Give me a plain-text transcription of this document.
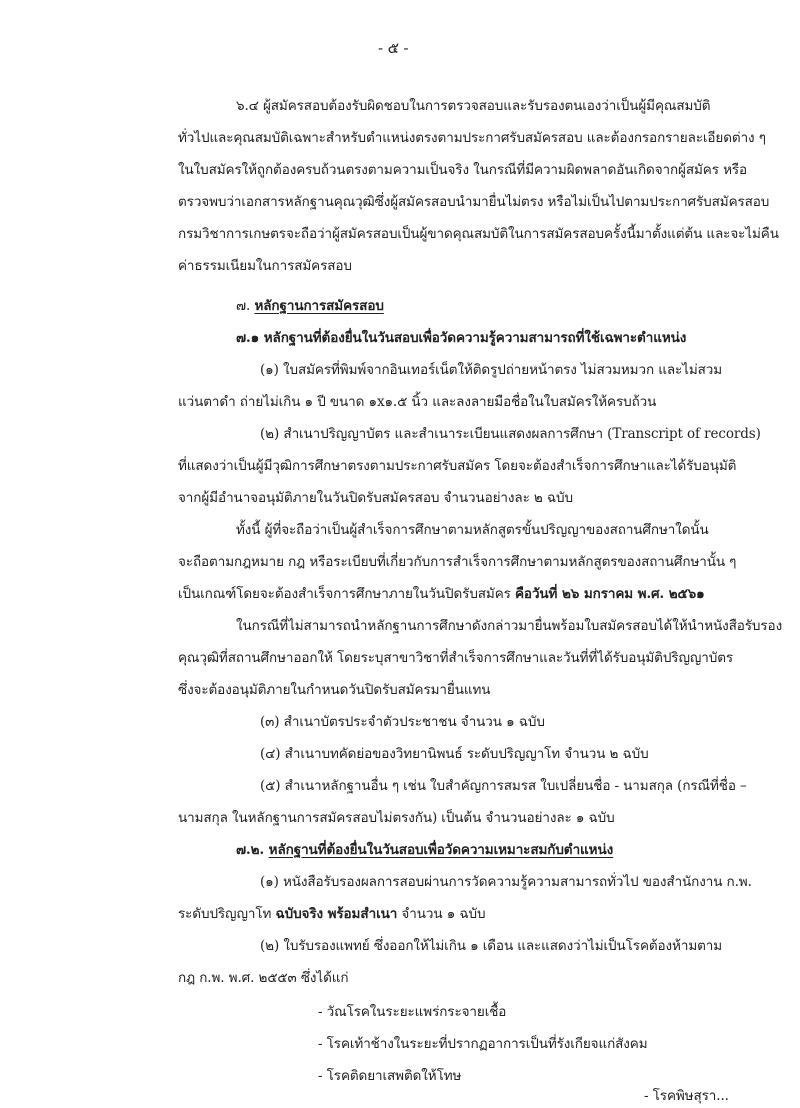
- ๕ -
๖.๔ ผู้สมัครสอบต้องรับผิดชอบในการตรวจสอบและรับรองตนเองว่าเป็นผู้มีคุณสมบัติ
ทั่วไปและคุณสมบัติเฉพาะสำหรับตำแหน่งตรงตามประกาศรับสมัครสอบ และต้องกรอกรายละเอียดต่าง ๆ
ในใบสมัครให้ถูกต้องครบถ้วนตรงตามความเป็นจริง ในกรณีที่มีความผิดพลาดอันเกิดจากผู้สมัคร หรือ
ตรวจพบว่าเอกสารหลักฐานคุณวุฒิซึ่งผู้สมัครสอบนำมายื่นไม่ตรง หรือไม่เป็นไปตามประกาศรับสมัครสอบ
กรมวิชาการเกษตรจะถือว่าผู้สมัครสอบเป็นผู้ขาดคุณสมบัติในการสมัครสอบครั้งนี้มาตั้งแต่ต้น และจะไม่คืน
ค่าธรรมเนียมในการสมัครสอบ
๗. หลักฐานการสมัครสอบ
๗.๑ หลักฐานที่ต้องยื่นในวันสอบเพื่อวัดความรู้ความสามารถที่ใช้เฉพาะตำแหน่ง
(๑) ใบสมัครที่พิมพ์จากอินเทอร์เน็ตให้ติดรูปถ่ายหน้าตรง ไม่สวมหมวก และไม่สวม
แว่นตาดำ ถ่ายไม่เกิน ๑ ปี ขนาด ๑x๑.๕ นิ้ว และลงลายมือชื่อในใบสมัครให้ครบถ้วน
(๒) สำเนาปริญญาบัตร และสำเนาระเบียนแสดงผลการศึกษา (Transcript of records)
ที่แสดงว่าเป็นผู้มีวุฒิการศึกษาตรงตามประกาศรับสมัคร โดยจะต้องสำเร็จการศึกษาและได้รับอนุมัติ
จากผู้มีอำนาจอนุมัติภายในวันปิดรับสมัครสอบ จำนวนอย่างละ ๒ ฉบับ
ทั้งนี้ ผู้ที่จะถือว่าเป็นผู้สำเร็จการศึกษาตามหลักสูตรขั้นปริญญาของสถานศึกษาใดนั้น
จะถือตามกฎหมาย กฎ หรือระเบียบที่เกี่ยวกับการสำเร็จการศึกษาตามหลักสูตรของสถานศึกษานั้น ๆ
เป็นเกณฑ์โดยจะต้องสำเร็จการศึกษาภายในวันปิดรับสมัคร คือวันที่ ๒๖ มกราคม พ.ศ. ๒๕๖๑
ในกรณีที่ไม่สามารถนำหลักฐานการศึกษาดังกล่าวมายื่นพร้อมใบสมัครสอบได้ให้นำหนังสือรับรอง
คุณวุฒิที่สถานศึกษาออกให้ โดยระบุสาขาวิชาที่สำเร็จการศึกษาและวันที่ที่ได้รับอนุมัติปริญญาบัตร
ซึ่งจะต้องอนุมัติภายในกำหนดวันปิดรับสมัครมายื่นแทน
(๓) สำเนาบัตรประจำตัวประชาชน จำนวน ๑ ฉบับ
(๔) สำเนาบทคัดย่อของวิทยานิพนธ์ ระดับปริญญาโท จำนวน ๒ ฉบับ
(๕) สำเนาหลักฐานอื่น ๆ เช่น ใบสำคัญการสมรส ใบเปลี่ยนชื่อ - นามสกุล (กรณีที่ชื่อ –
นามสกุล ในหลักฐานการสมัครสอบไม่ตรงกัน) เป็นต้น จำนวนอย่างละ ๑ ฉบับ
๗.๒. หลักฐานที่ต้องยื่นในวันสอบเพื่อวัดความเหมาะสมกับตำแหน่ง
(๑) หนังสือรับรองผลการสอบผ่านการวัดความรู้ความสามารถทั่วไป ของสำนักงาน ก.พ.
ระดับปริญญาโท ฉบับจริง พร้อมสำเนา จำนวน ๑ ฉบับ
(๒) ใบรับรองแพทย์ ซึ่งออกให้ไม่เกิน ๑ เดือน และแสดงว่าไม่เป็นโรคต้องห้ามตาม
กฎ ก.พ. พ.ศ. ๒๕๕๓ ซึ่งได้แก่
- วัณโรคในระยะแพร่กระจายเชื้อ
- โรคเท้าช้างในระยะที่ปรากฏอาการเป็นที่รังเกียจแก่สังคม
- โรคติดยาเสพติดให้โทษ
- โรคพิษสุรา...
